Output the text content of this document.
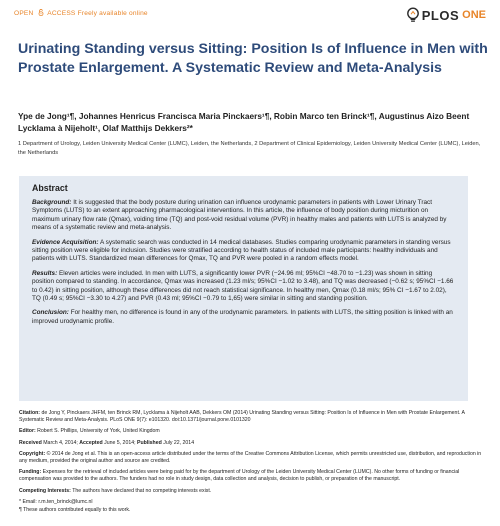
OPEN ACCESS Freely available online	PLOS ONE
Urinating Standing versus Sitting: Position Is of Influence in Men with Prostate Enlargement. A Systematic Review and Meta-Analysis

Ype de Jong¹¶, Johannes Henricus Francisca Maria Pinckaers¹¶, Robin Marco ten Brinck¹¶, Augustinus Aizo Beent Lycklama à Nijeholt¹, Olaf Matthijs Dekkers²*

1 Department of Urology, Leiden University Medical Center (LUMC), Leiden, the Netherlands, 2 Department of Clinical Epidemiology, Leiden University Medical Center (LUMC), Leiden, the Netherlands

Abstract

Background: It is suggested that the body posture during urination can influence urodynamic parameters in patients with Lower Urinary Tract Symptoms (LUTS) to an extent approaching pharmacological interventions. In this article, the influence of body position during micturition on maximum urinary flow rate (Qmax), voiding time (TQ) and post-void residual volume (PVR) in healthy males and patients with LUTS is analyzed by means of a systematic review and meta-analysis.

Evidence Acquisition: A systematic search was conducted in 14 medical databases. Studies comparing urodynamic parameters in standing versus sitting position were eligible for inclusion. Studies were stratified according to health status of included male participants: healthy individuals and patients with LUTS. Standardized mean differences for Qmax, TQ and PVR were pooled in a random effects model.

Results: Eleven articles were included. In men with LUTS, a significantly lower PVR (−24.96 ml; 95%CI −48.70 to −1.23) was shown in sitting position compared to standing. In accordance, Qmax was increased (1.23 ml/s; 95%CI −1.02 to 3.48), and TQ was decreased (−0.62 s; 95%CI −1.66 to 0.42) in sitting position, although these differences did not reach statistical significance. In healthy men, Qmax (0.18 ml/s; 95% CI −1.67 to 2.02), TQ (0.49 s; 95%CI −3.30 to 4.27) and PVR (0.43 ml; 95%CI −0.79 to 1,65) were similar in sitting and standing position.

Conclusion: For healthy men, no difference is found in any of the urodynamic parameters. In patients with LUTS, the sitting position is linked with an improved urodynamic profile.

Citation: de Jong Y, Pinckaers JHFM, ten Brinck RM, Lycklama à Nijeholt AAB, Dekkers OM (2014) Urinating Standing versus Sitting: Position Is of Influence in Men with Prostate Enlargement. A Systematic Review and Meta-Analysis. PLoS ONE 9(7): e101320. doi:10.1371/journal.pone.0101320

Editor: Robert S. Phillips, University of York, United Kingdom

Received March 4, 2014; Accepted June 5, 2014; Published July 22, 2014

Copyright: © 2014 de Jong et al. This is an open-access article distributed under the terms of the Creative Commons Attribution License, which permits unrestricted use, distribution, and reproduction in any medium, provided the original author and source are credited.

Funding: Expenses for the retrieval of included articles were being paid for by the department of Urology of the Leiden University Medical Center (LUMC). No other forms of funding or financial compensation was provided to the authors. The funders had no role in study design, data collection and analysis, decision to publish, or preparation of the manuscript.

Competing Interests: The authors have declared that no competing interests exist.

* Email: r.m.ten_brinck@lumc.nl

¶ These authors contributed equally to this work.
